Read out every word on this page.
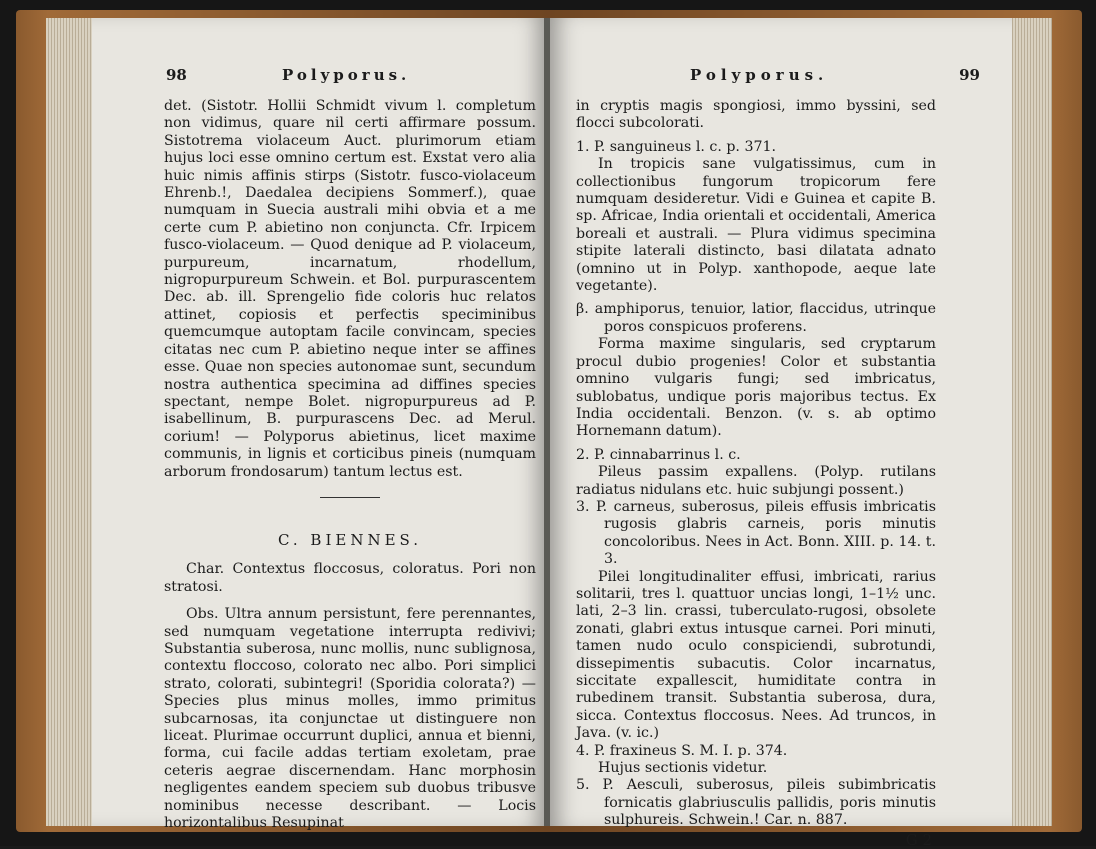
98	Polyporus.

det. (Sistotr. Hollii Schmidt vivum l. completum non vidimus, quare nil certi affirmare possum. Sistotrema violaceum Auct. plurimorum etiam hujus loci esse omnino certum est. Exstat vero alia huic nimis affinis stirps (Sistotr. fusco-violaceum Ehrenb.!, Daedalea decipiens Sommerf.), quae numquam in Suecia australi mihi obvia et a me certe cum P. abietino non conjuncta. Cfr. Irpicem fusco-violaceum. — Quod denique ad P. violaceum, purpureum, incarnatum, rhodellum, nigropurpureum Schwein. et Bol. purpurascentem Dec. ab. ill. Sprengelio fide coloris huc relatos attinet, copiosis et perfectis speciminibus quemcumque autoptam facile convincam, species citatas nec cum P. abietino neque inter se affines esse. Quae non species autonomae sunt, secundum nostra authentica specimina ad diffines species spectant, nempe Bolet. nigropurpureus ad P. isabellinum, B. purpurascens Dec. ad Merul. corium! — Polyporus abietinus, licet maxime communis, in lignis et corticibus pineis (numquam arborum frondosarum) tantum lectus est.

C. BIENNES.

Char. Contextus floccosus, coloratus. Pori non stratosi.

Obs. Ultra annum persistunt, fere perennantes, sed numquam vegetatione interrupta redivivi; Substantia suberosa, nunc mollis, nunc sublignosa, contextu floccoso, colorato nec albo. Pori simplici strato, colorati, subintegri! (Sporidia colorata?) — Species plus minus molles, immo primitus subcarnosas, ita conjunctae ut distinguere non liceat. Plurimae occurrunt duplici, annua et bienni, forma, cui facile addas tertiam exoletam, prae ceteris aegrae discernendam. Hanc morphosin negligentes eandem speciem sub duobus tribusve nominibus necesse describant. — Locis horizontalibus Resupinat

Polyporus.	99

in cryptis magis spongiosi, immo byssini, sed flocci subcolorati.

1. P. sanguineus l. c. p. 371.

In tropicis sane vulgatissimus, cum in collectionibus fungorum tropicorum fere numquam desideretur. Vidi e Guinea et capite B. sp. Africae, India orientali et occidentali, America boreali et australi. — Plura vidimus specimina stipite laterali distincto, basi dilatata adnato (omnino ut in Polyp. xanthopode, aeque late vegetante).

β. amphiporus, tenuior, latior, flaccidus, utrinque poros conspicuos proferens.

Forma maxime singularis, sed cryptarum procul dubio progenies! Color et substantia omnino vulgaris fungi; sed imbricatus, sublobatus, undique poris majoribus tectus. Ex India occidentali. Benzon. (v. s. ab optimo Hornemann datum).

2. P. cinnabarrinus l. c.

Pileus passim expallens. (Polyp. rutilans radiatus nidulans etc. huic subjungi possent.)

3. P. carneus, suberosus, pileis effusis imbricatis rugosis glabris carneis, poris minutis concoloribus. Nees in Act. Bonn. XIII. p. 14. t. 3.

Pilei longitudinaliter effusi, imbricati, rarius solitarii, tres l. quattuor uncias longi, 1–1½ unc. lati, 2–3 lin. crassi, tuberculato-rugosi, obsolete zonati, glabri extus intusque carnei. Pori minuti, tamen nudo oculo conspiciendi, subrotundi, dissepimentis subacutis. Color incarnatus, siccitate expallescit, humiditate contra in rubedinem transit. Substantia suberosa, dura, sicca. Contextus floccosus. Nees. Ad truncos, in Java. (v. ic.)

4. P. fraxineus S. M. I. p. 374.

Hujus sectionis videtur.

5. P. Aesculi, suberosus, pileis subimbricatis fornicatis glabriusculis pallidis, poris minutis sulphureis. Schwein.! Car. n. 887.

G 2
